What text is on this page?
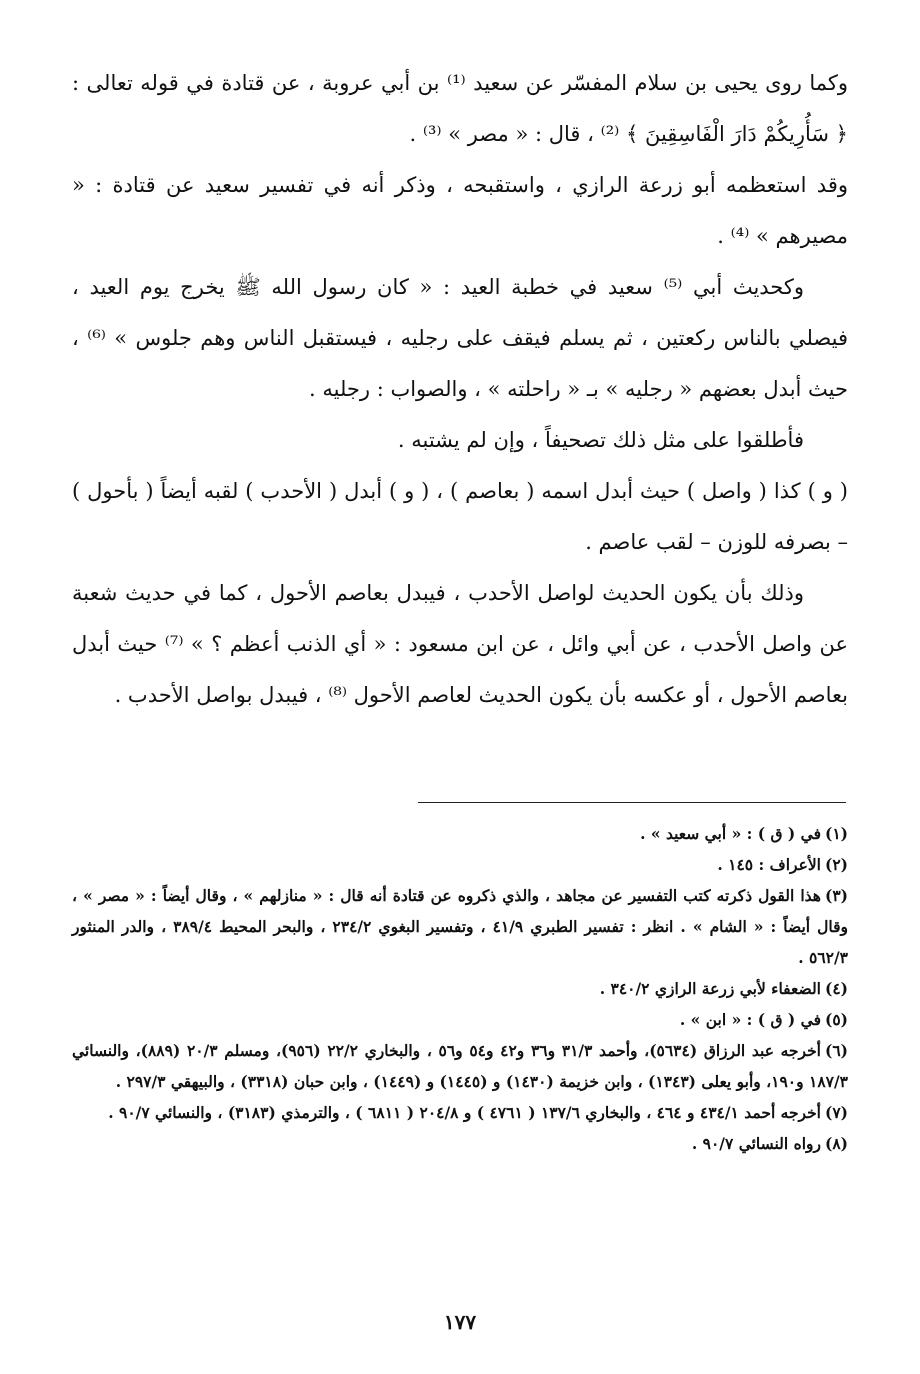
وكما روى يحيى بن سلام المفسّر عن سعيد ⁽¹⁾ بن أبي عروبة ، عن قتادة في قوله تعالى : ﴿ سَأُرِيكُمْ دَارَ الْفَاسِقِينَ ﴾ ⁽²⁾ ، قال : « مصر » ⁽³⁾ .

وقد استعظمه أبو زرعة الرازي ، واستقبحه ، وذكر أنه في تفسير سعيد عن قتادة : « مصيرهم » ⁽⁴⁾ .

وكحديث أبي ⁽⁵⁾ سعيد في خطبة العيد : « كان رسول الله ﷺ يخرج يوم العيد ، فيصلي بالناس ركعتين ، ثم يسلم فيقف على رجليه ، فيستقبل الناس وهم جلوس » ⁽⁶⁾ ، حيث أبدل بعضهم « رجليه » بـ « راحلته » ، والصواب : رجليه .

فأطلقوا على مثل ذلك تصحيفاً ، وإن لم يشتبه .

( و ) كذا ( واصل ) حيث أبدل اسمه ( بعاصم ) ، ( و ) أبدل ( الأحدب ) لقبه أيضاً ( بأحول ) – بصرفه للوزن – لقب عاصم .

وذلك بأن يكون الحديث لواصل الأحدب ، فيبدل بعاصم الأحول ، كما في حديث شعبة عن واصل الأحدب ، عن أبي وائل ، عن ابن مسعود : « أي الذنب أعظم ؟ » ⁽⁷⁾ حيث أبدل بعاصم الأحول ، أو عكسه بأن يكون الحديث لعاصم الأحول ⁽⁸⁾ ، فيبدل بواصل الأحدب .

(١)في ( ق ) : « أبي سعيد » .

(٢)الأعراف : ١٤٥ .

(٣)هذا القول ذكرته كتب التفسير عن مجاهد ، والذي ذكروه عن قتادة أنه قال : « منازلهم » ، وقال أيضاً : « مصر » ، وقال أيضاً : « الشام » . انظر : تفسير الطبري ٤١/٩ ، وتفسير البغوي ٢٣٤/٢ ، والبحر المحيط ٣٨٩/٤ ، والدر المنثور ٥٦٢/٣ .

(٤)الضعفاء لأبي زرعة الرازي ٣٤٠/٢ .

(٥)في ( ق ) : « ابن » .

(٦)أخرجه عبد الرزاق (٥٦٣٤)، وأحمد ٣١/٣ و٣٦ و٤٢ و٥٤ و٥٦ ، والبخاري ٢٢/٢ (٩٥٦)، ومسلم ٢٠/٣ (٨٨٩)، والنسائي ١٨٧/٣ و١٩٠، وأبو يعلى (١٣٤٣) ، وابن خزيمة (١٤٣٠) و (١٤٤٥) و (١٤٤٩) ، وابن حبان (٣٣١٨) ، والبيهقي ٢٩٧/٣ .

(٧)أخرجه أحمد ٤٣٤/١ و ٤٦٤ ، والبخاري ١٣٧/٦ ( ٤٧٦١ ) و ٢٠٤/٨ ( ٦٨١١ ) ، والترمذي (٣١٨٣) ، والنسائي ٩٠/٧ .

(٨)رواه النسائي ٩٠/٧ .

١٧٧
